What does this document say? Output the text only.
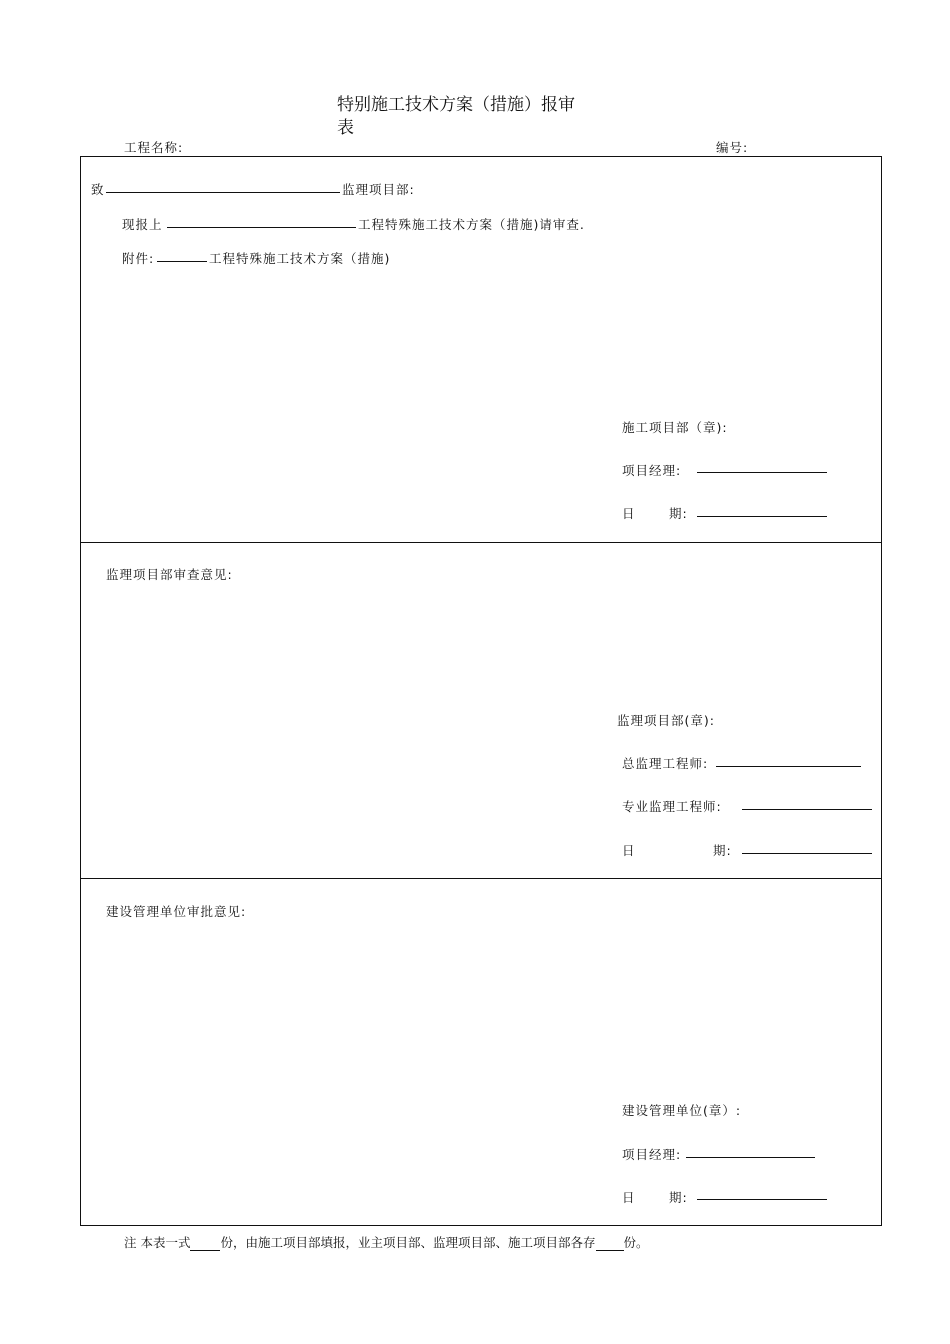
特别施工技术方案（措施）报审
表
工程名称:	编号:
致	监理项目部:
现报上	工程特殊施工技术方案（措施)请审查.
附件:	工程特殊施工技术方案（措施)
施工项目部（章):
项目经理:
日	期:
监理项目部审查意见:
监理项目部(章):
总监理工程师:
专业监理工程师:
日	期:
建设管理单位审批意见:
建设管理单位(章）:
项目经理:
日	期:
注 本表一式 份，由施工项目部填报，业主项目部、监理项目部、施工项目部各存 份。
